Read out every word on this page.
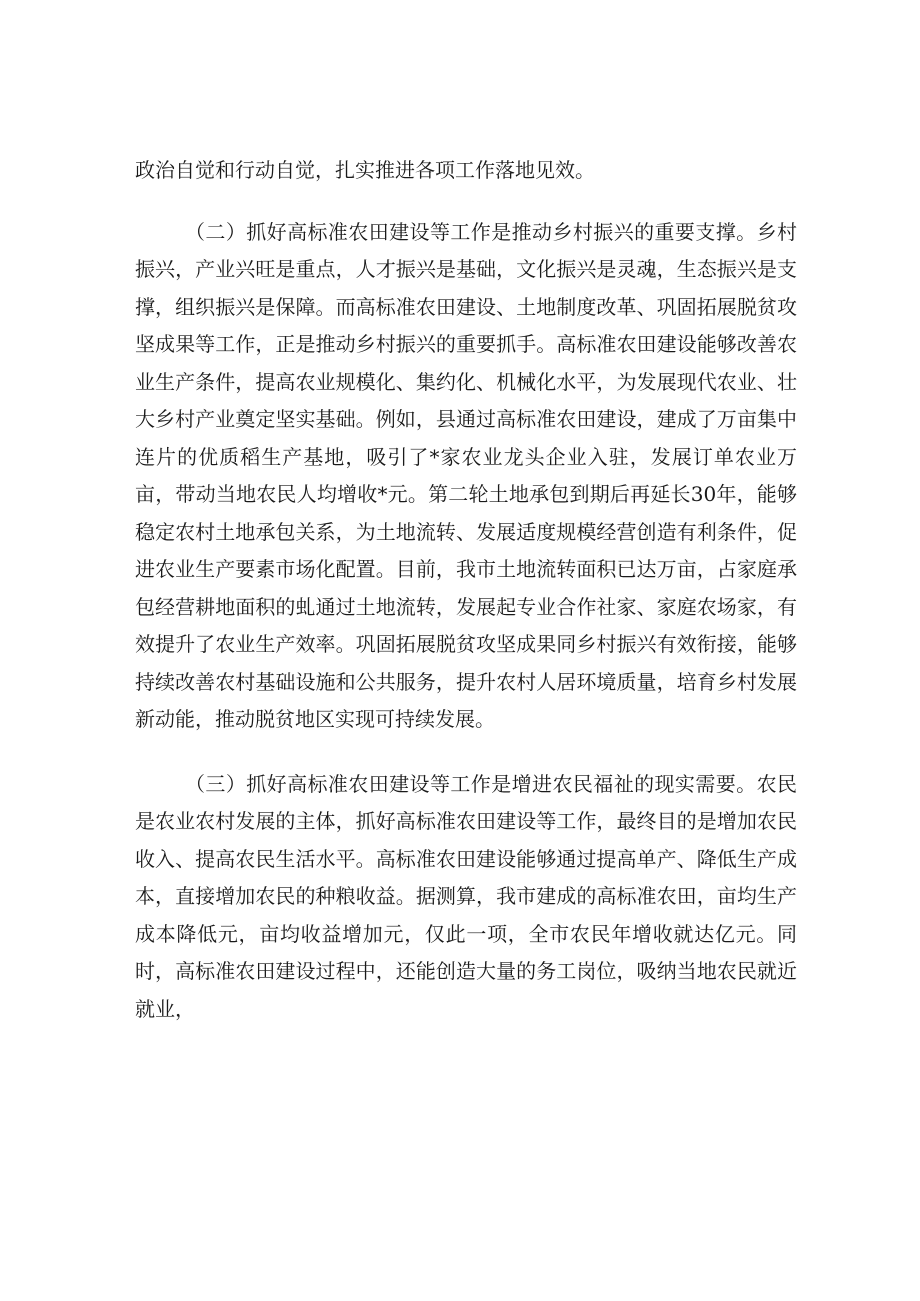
政治自觉和行动自觉，扎实推进各项工作落地见效。

（二）抓好高标准农田建设等工作是推动乡村振兴的重要支撑。乡村振兴，产业兴旺是重点，人才振兴是基础，文化振兴是灵魂，生态振兴是支撑，组织振兴是保障。而高标准农田建设、土地制度改革、巩固拓展脱贫攻坚成果等工作，正是推动乡村振兴的重要抓手。高标准农田建设能够改善农业生产条件，提高农业规模化、集约化、机械化水平，为发展现代农业、壮大乡村产业奠定坚实基础。例如，县通过高标准农田建设，建成了万亩集中连片的优质稻生产基地，吸引了*家农业龙头企业入驻，发展订单农业万亩，带动当地农民人均增收*元。第二轮土地承包到期后再延长30年，能够稳定农村土地承包关系，为土地流转、发展适度规模经营创造有利条件，促进农业生产要素市场化配置。目前，我市土地流转面积已达万亩，占家庭承包经营耕地面积的虬通过土地流转，发展起专业合作社家、家庭农场家，有效提升了农业生产效率。巩固拓展脱贫攻坚成果同乡村振兴有效衔接，能够持续改善农村基础设施和公共服务，提升农村人居环境质量，培育乡村发展新动能，推动脱贫地区实现可持续发展。

（三）抓好高标准农田建设等工作是增进农民福祉的现实需要。农民是农业农村发展的主体，抓好高标准农田建设等工作，最终目的是增加农民收入、提高农民生活水平。高标准农田建设能够通过提高单产、降低生产成本，直接增加农民的种粮收益。据测算，我市建成的高标准农田，亩均生产成本降低元，亩均收益增加元，仅此一项，全市农民年增收就达亿元。同时，高标准农田建设过程中，还能创造大量的务工岗位，吸纳当地农民就近就业，
